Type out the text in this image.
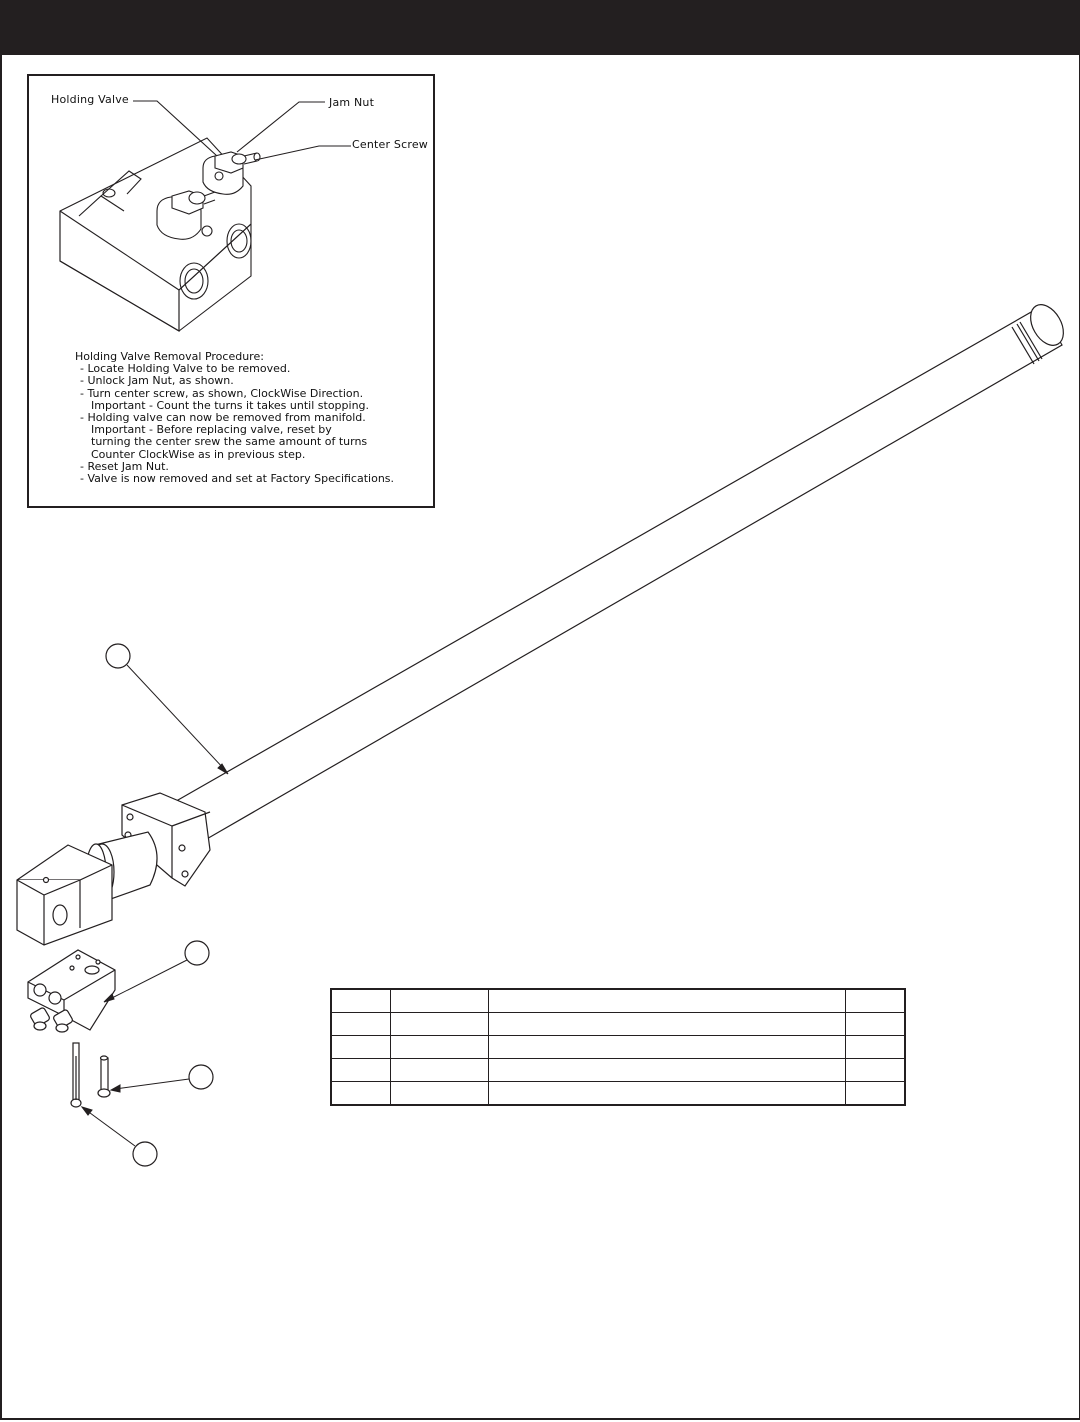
Holding Valve	Jam Nut
Center Screw
Holding Valve Removal Procedure:
- Locate Holding Valve to be removed.
- Unlock Jam Nut, as shown.
- Turn center screw, as shown, ClockWise Direction.
Important - Count the turns it takes until stopping.
- Holding valve can now be removed from manifold.
Important - Before replacing valve, reset by
turning the center srew the same amount of turns
Counter ClockWise as in previous step.
- Reset Jam Nut.
- Valve is now removed and set at Factory Specifications.
